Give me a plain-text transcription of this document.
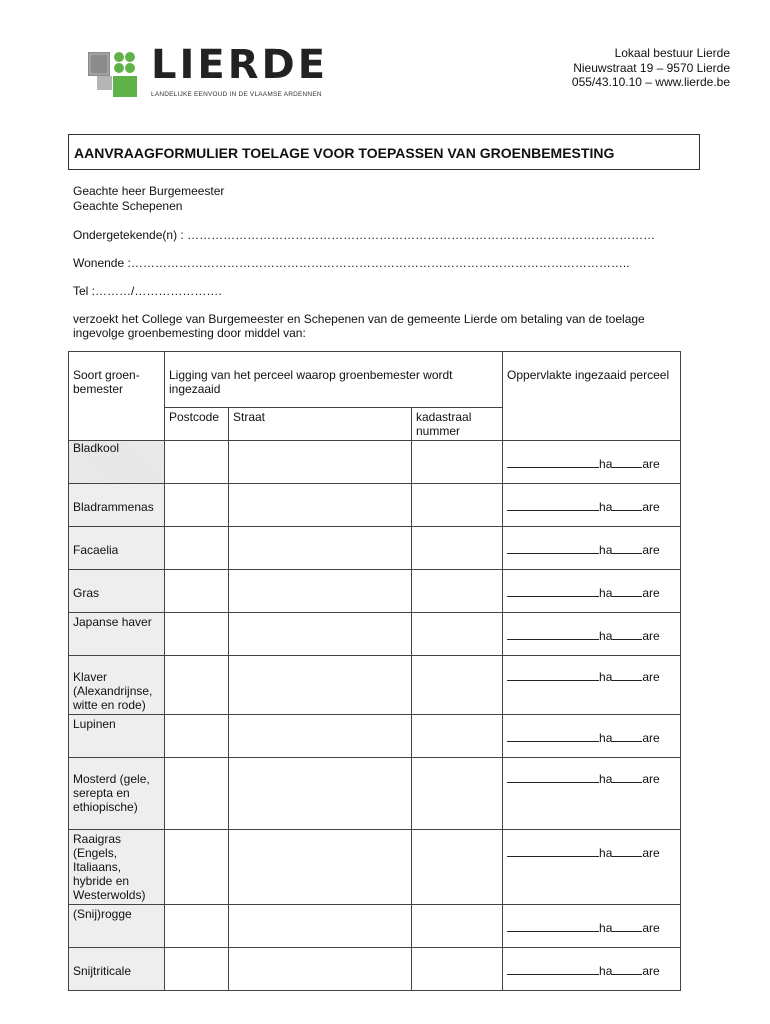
LIERDE
LANDELIJKE EENVOUD IN DE VLAAMSE ARDENNEN
Lokaal bestuur Lierde
Nieuwstraat 19 – 9570 Lierde
055/43.10.10 – www.lierde.be
AANVRAAGFORMULIER TOELAGE VOOR TOEPASSEN VAN GROENBEMESTING
Geachte heer Burgemeester
Geachte Schepenen
Ondergetekende(n) : ………………………………………………………………………………………………………
Wonende :……………………………………………………………………………………………………………..
Tel :………/………………….
verzoekt het College van Burgemeester en Schepenen van de gemeente Lierde om betaling van de toelage
ingevolge groenbemesting door middel van:
Soort groen-bemester	Ligging van het perceel waarop groenbemester wordt ingezaaid			Oppervlakte ingezaaid perceel
	Postcode	Straat	kadastraal nummer	
Bladkool				ha are

Bladrammenas				ha are

Facaelia				ha are

Gras				ha are

Japanse haver				ha are

Klaver (Alexandrijnse, witte en rode)				ha are

Lupinen				ha are

Mosterd (gele, serepta en ethiopische)				ha are

Raaigras (Engels, Italiaans, hybride en Westerwolds)				ha are

(Snij)rogge				ha are

Snijtriticale				ha are
